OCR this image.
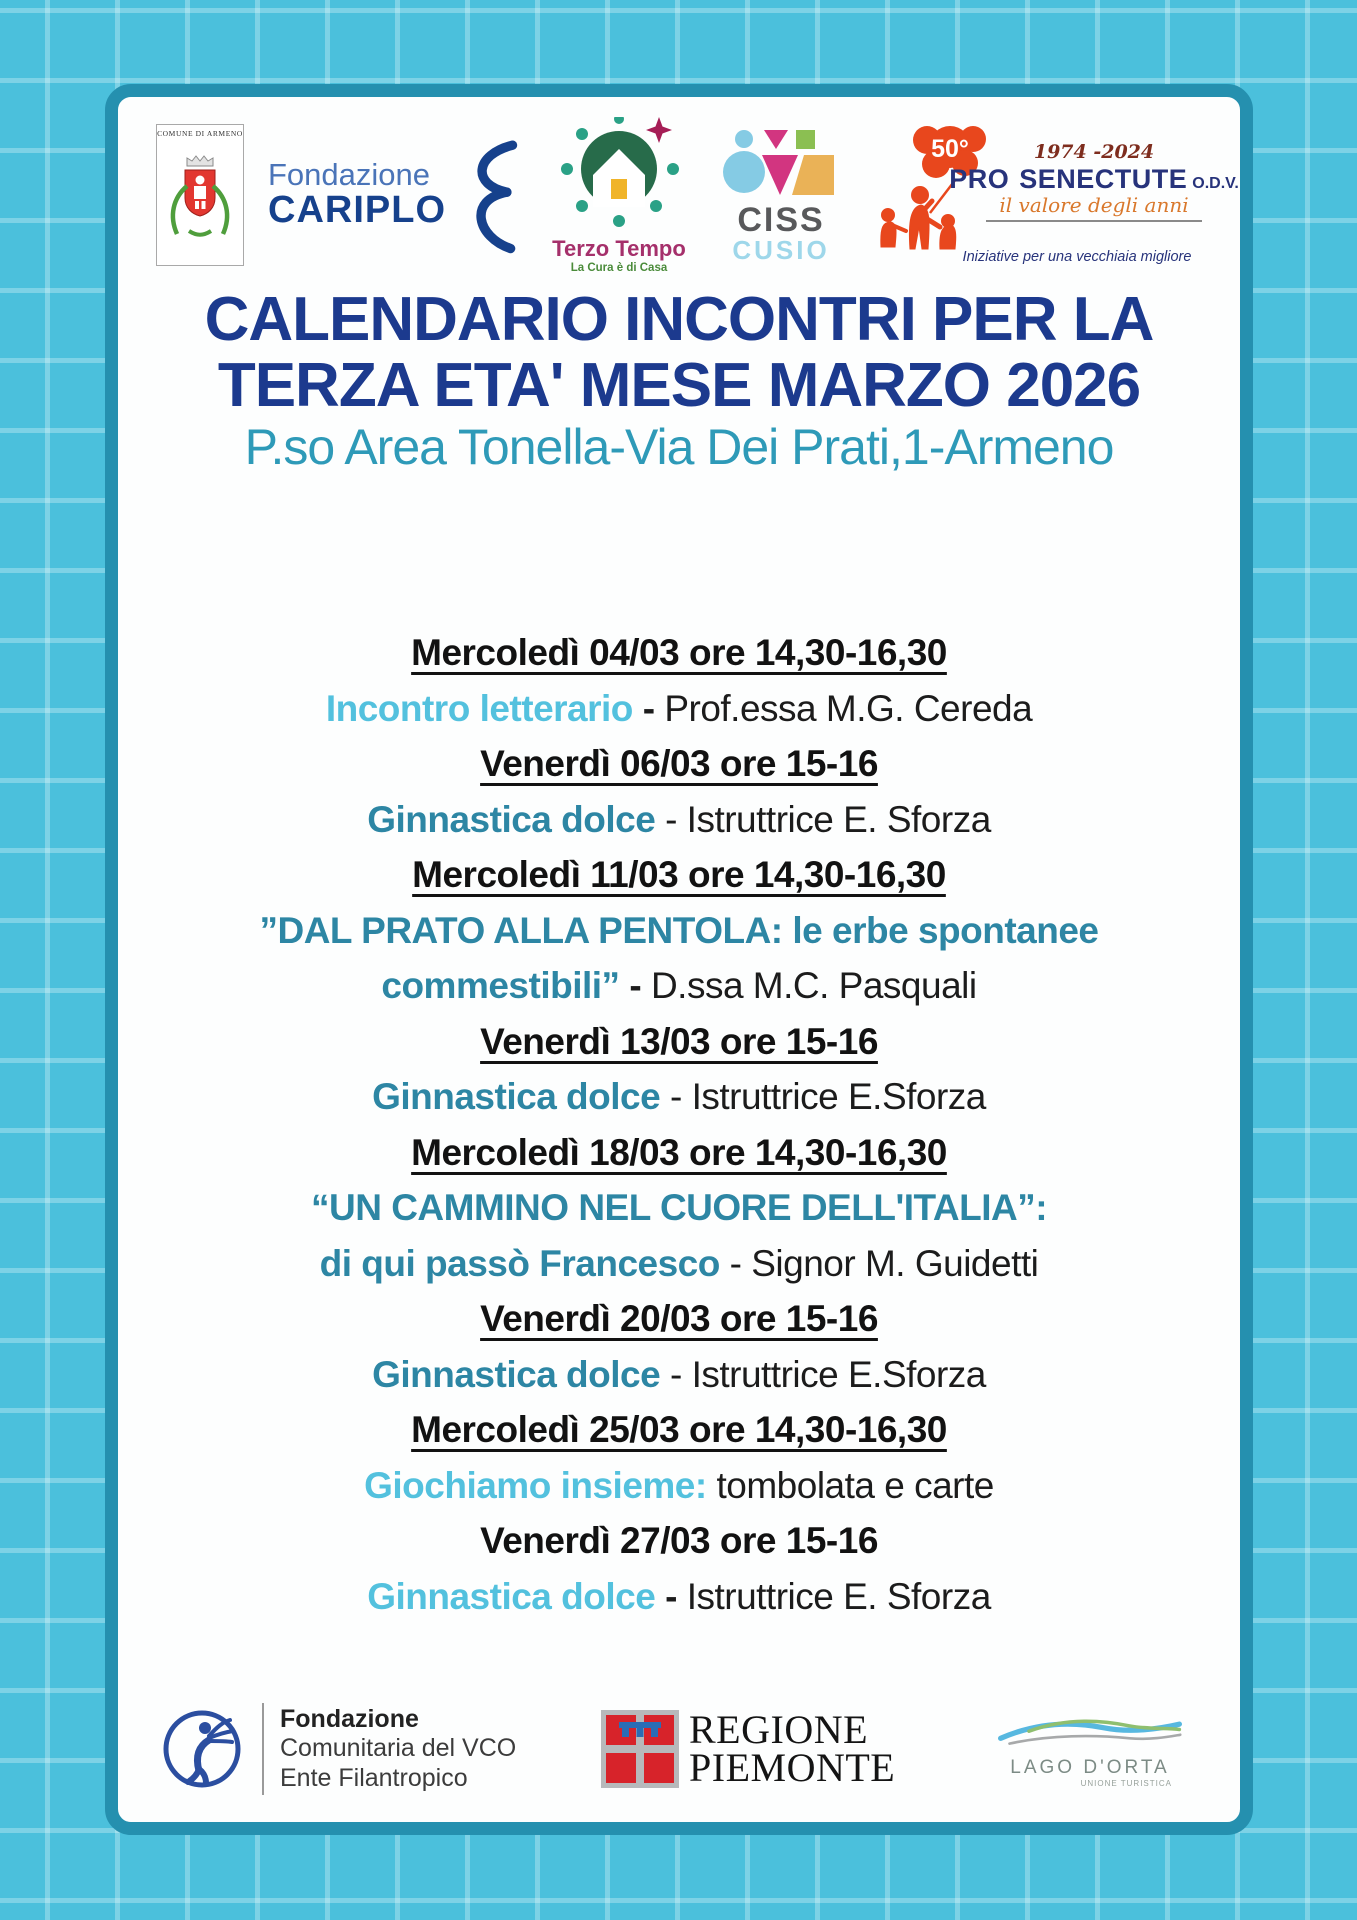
COMUNE DI ARMENO
Fondazione
CARIPLO
Terzo Tempo
La Cura è di Casa
CISS
CUSIO
50°	1974 -2024
PRO SENECTUTE O.D.V.
il valore degli anni
Iniziative per una vecchiaia migliore
CALENDARIO INCONTRI PER LA
TERZA ETA' MESE MARZO 2026
P.so Area Tonella-Via Dei Prati,1-Armeno

Mercoledì 04/03 ore 14,30-16,30

Incontro letterario - Prof.essa M.G. Cereda

Venerdì 06/03 ore 15-16

Ginnastica dolce - Istruttrice E. Sforza

Mercoledì 11/03 ore 14,30-16,30

”DAL PRATO ALLA PENTOLA: le erbe spontanee

commestibili” - D.ssa M.C. Pasquali

Venerdì 13/03 ore 15-16

Ginnastica dolce - Istruttrice E.Sforza

Mercoledì 18/03 ore 14,30-16,30

“UN CAMMINO NEL CUORE DELL'ITALIA”:

di qui passò Francesco - Signor M. Guidetti

Venerdì 20/03 ore 15-16

Ginnastica dolce - Istruttrice E.Sforza

Mercoledì 25/03 ore 14,30-16,30

Giochiamo insieme: tombolata e carte

Venerdì 27/03 ore 15-16

Ginnastica dolce - Istruttrice E. Sforza

Fondazione
Comunitaria del VCO
Ente Filantropico
REGIONE
PIEMONTE	LAGO D'ORTA
UNIONE TURISTICA
